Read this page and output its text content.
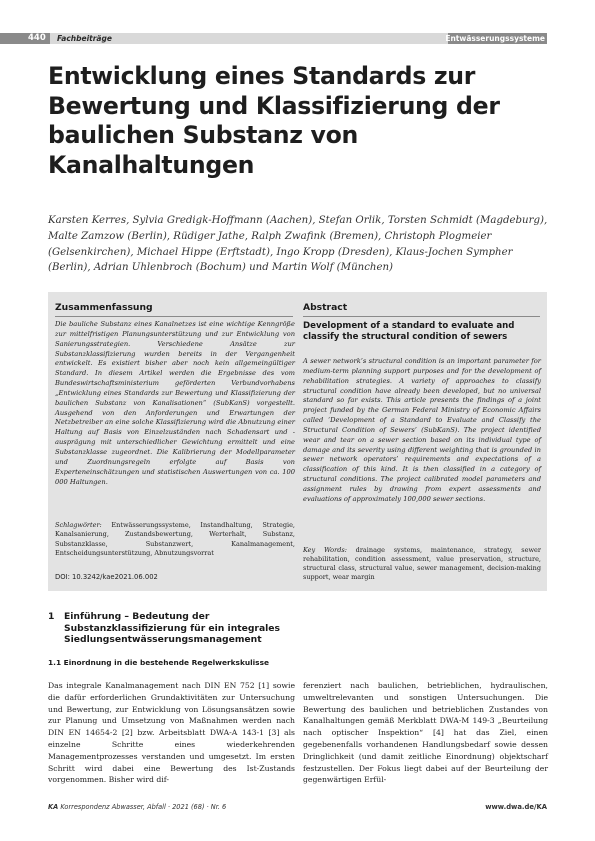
440 Fachbeiträge	Entwässerungssysteme
Entwicklung eines Standards zur Bewertung und Klassifizierung der baulichen Substanz von Kanalhaltungen

Karsten Kerres, Sylvia Gredigk-Hoffmann (Aachen), Stefan Orlik, Torsten Schmidt (Magdeburg), Malte Zamzow (Berlin), Rüdiger Jathe, Ralph Zwafink (Bremen), Christoph Plogmeier (Gelsenkirchen), Michael Hippe (Erftstadt), Ingo Kropp (Dresden), Klaus-Jochen Sympher (Berlin), Adrian Uhlenbroch (Bochum) und Martin Wolf (München)

Zusammenfassung	Abstract

Die bauliche Substanz eines Kanalnetzes ist eine wichtige Kenngröße zur mittelfristigen Planungsunterstützung und zur Entwicklung von Sanierungsstrategien. Verschiedene Ansätze zur Substanzklassifizierung wurden bereits in der Vergangenheit entwickelt. Es existiert bisher aber noch kein allgemeingültiger Standard. In diesem Artikel werden die Ergebnisse des vom Bundeswirtschaftsministerium geförderten Verbundvorhabens „Entwicklung eines Standards zur Bewertung und Klassifizierung der baulichen Substanz von Kanalisationen“ (SubKanS) vorgestellt. Ausgehend von den Anforderungen und Erwartungen der Netzbetreiber an eine solche Klassifizierung wird die Abnutzung einer Haltung auf Basis von Einzelzuständen nach Schadensart und -ausprägung mit unterschiedlicher Gewichtung ermittelt und eine Substanzklasse zugeordnet. Die Kalibrierung der Modellparameter und Zuordnungsregeln erfolgte auf Basis von Experteneinschätzungen und statistischen Auswertungen von ca. 100 000 Haltungen.

Schlagwörter: Entwässerungssysteme, Instandhaltung, Strategie, Kanalsanierung, Zustandsbewertung, Werterhalt, Substanz, Substanzklasse, Substanzwert, Kanalmanagement, Entscheidungsunterstützung, Abnutzungsvorrat

DOI: 10.3242/kae2021.06.002

Development of a standard to evaluate and classify the structural condition of sewers

A sewer network’s structural condition is an important parameter for medium-term planning support purposes and for the development of rehabilitation strategies. A variety of approaches to classify structural condition have already been developed, but no universal standard so far exists. This article presents the findings of a joint project funded by the German Federal Ministry of Economic Affairs called ‘Development of a Standard to Evaluate and Classify the Structural Condition of Sewers’ (SubKanS). The project identified wear and tear on a sewer section based on its individual type of damage and its severity using different weighting that is grounded in sewer network operators’ requirements and expectations of a classification of this kind. It is then classified in a category of structural conditions. The project calibrated model parameters and assignment rules by drawing from expert assessments and evaluations of approximately 100,000 sewer sections.

Key Words: drainage systems, maintenance, strategy, sewer rehabilitation, condition assessment, value preservation, structure, structural class, structural value, sewer management, decision-making support, wear margin

1 Einführung – Bedeutung der Substanzklassifizierung für ein integrales Siedlungsentwässerungsmanagement
1.1 Einordnung in die bestehende Regelwerkskulisse

Das integrale Kanalmanagement nach DIN EN 752 [1] sowie die dafür erforderlichen Grundaktivitäten zur Untersuchung und Bewertung, zur Entwicklung von Lösungsansätzen sowie zur Planung und Umsetzung von Maßnahmen werden nach DIN EN 14654-2 [2] bzw. Arbeitsblatt DWA-A 143-1 [3] als einzelne Schritte eines wiederkehrenden Managementprozesses verstanden und umgesetzt. Im ersten Schritt wird dabei eine Bewertung des Ist-Zustands vorgenommen. Bisher wird dif-

ferenziert nach baulichen, betrieblichen, hydraulischen, umweltrelevanten und sonstigen Untersuchungen. Die Bewertung des baulichen und betrieblichen Zustandes von Kanalhaltungen gemäß Merkblatt DWA-M 149-3 „Beurteilung nach optischer Inspektion“ [4] hat das Ziel, einen gegebenenfalls vorhandenen Handlungsbedarf sowie dessen Dringlichkeit (und damit zeitliche Einordnung) objektscharf festzustellen. Der Fokus liegt dabei auf der Beurteilung der gegenwärtigen Erfül-

KA Korrespondenz Abwasser, Abfall · 2021 (68) · Nr. 6	www.dwa.de/KA
